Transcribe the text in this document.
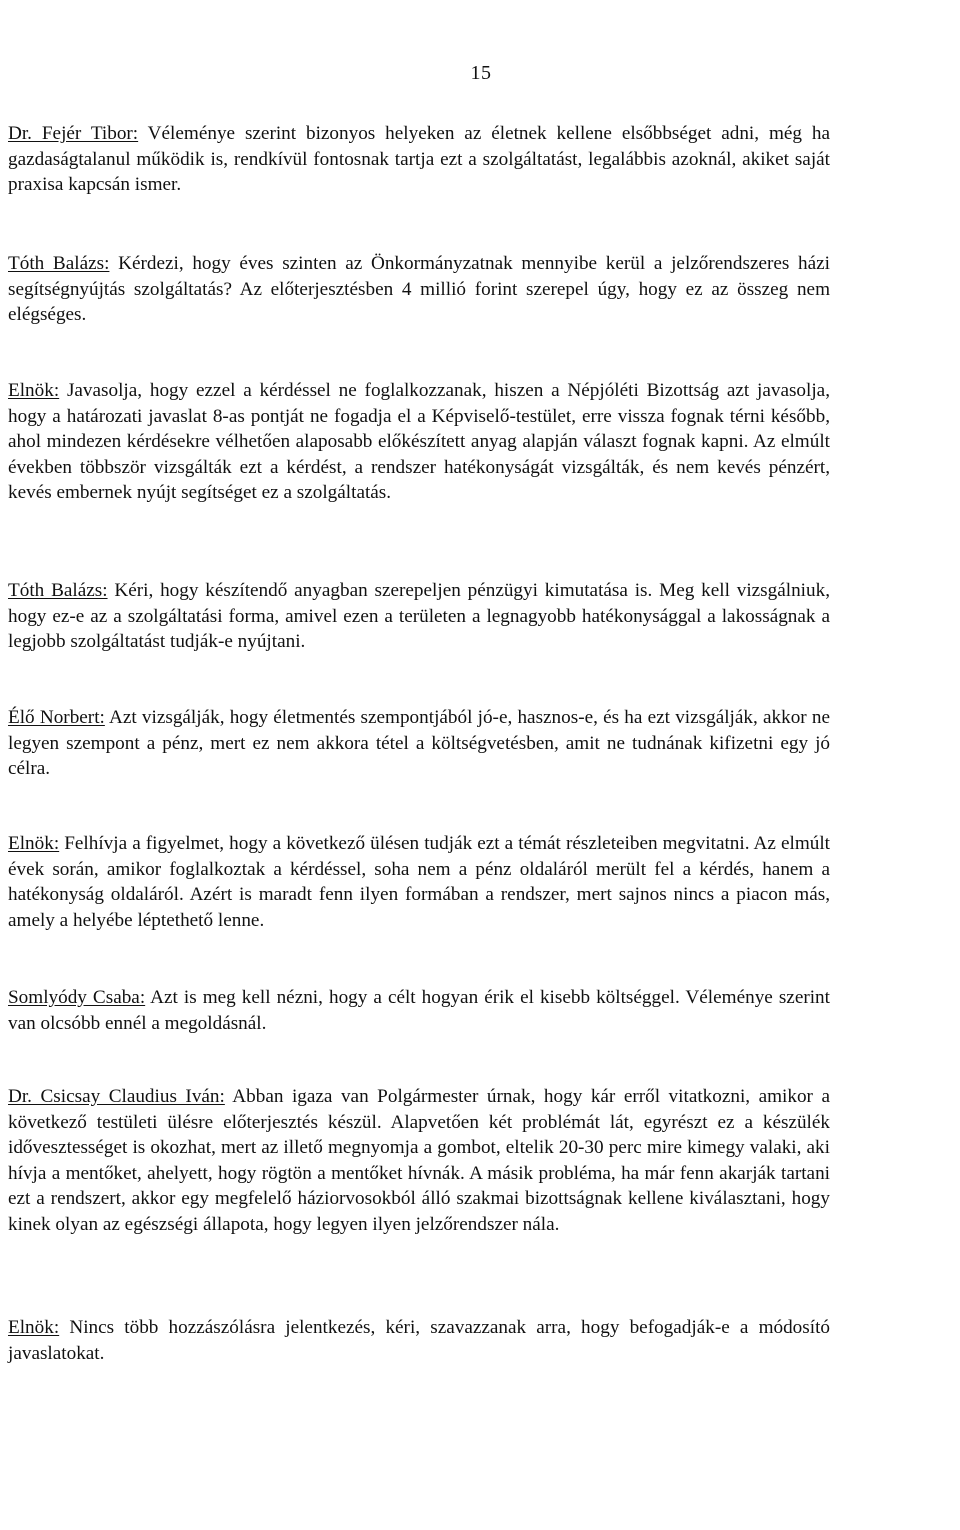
15

Dr. Fejér Tibor: Véleménye szerint bizonyos helyeken az életnek kellene elsőbbséget adni, még ha gazdaságtalanul működik is, rendkívül fontosnak tartja ezt a szolgáltatást, legalábbis azoknál, akiket saját praxisa kapcsán ismer.

Tóth Balázs: Kérdezi, hogy éves szinten az Önkormányzatnak mennyibe kerül a jelzőrendszeres házi segítségnyújtás szolgáltatás? Az előterjesztésben 4 millió forint szerepel úgy, hogy ez az összeg nem elégséges.

Elnök: Javasolja, hogy ezzel a kérdéssel ne foglalkozzanak, hiszen a Népjóléti Bizottság azt javasolja, hogy a határozati javaslat 8-as pontját ne fogadja el a Képviselő-testület, erre vissza fognak térni később, ahol mindezen kérdésekre vélhetően alaposabb előkészített anyag alapján választ fognak kapni. Az elmúlt években többször vizsgálták ezt a kérdést, a rendszer hatékonyságát vizsgálták, és nem kevés pénzért, kevés embernek nyújt segítséget ez a szolgáltatás.

Tóth Balázs: Kéri, hogy készítendő anyagban szerepeljen pénzügyi kimutatása is. Meg kell vizsgálniuk, hogy ez-e az a szolgáltatási forma, amivel ezen a területen a legnagyobb hatékonysággal a lakosságnak a legjobb szolgáltatást tudják-e nyújtani.

Élő Norbert: Azt vizsgálják, hogy életmentés szempontjából jó-e, hasznos-e, és ha ezt vizsgálják, akkor ne legyen szempont a pénz, mert ez nem akkora tétel a költségvetésben, amit ne tudnának kifizetni egy jó célra.

Elnök: Felhívja a figyelmet, hogy a következő ülésen tudják ezt a témát részleteiben megvitatni. Az elmúlt évek során, amikor foglalkoztak a kérdéssel, soha nem a pénz oldaláról merült fel a kérdés, hanem a hatékonyság oldaláról. Azért is maradt fenn ilyen formában a rendszer, mert sajnos nincs a piacon más, amely a helyébe léptethető lenne.

Somlyódy Csaba: Azt is meg kell nézni, hogy a célt hogyan érik el kisebb költséggel. Véleménye szerint van olcsóbb ennél a megoldásnál.

Dr. Csicsay Claudius Iván: Abban igaza van Polgármester úrnak, hogy kár erről vitatkozni, amikor a következő testületi ülésre előterjesztés készül. Alapvetően két problémát lát, egyrészt ez a készülék idővesztességet is okozhat, mert az illető megnyomja a gombot, eltelik 20-30 perc mire kimegy valaki, aki hívja a mentőket, ahelyett, hogy rögtön a mentőket hívnák. A másik probléma, ha már fenn akarják tartani ezt a rendszert, akkor egy megfelelő háziorvosokból álló szakmai bizottságnak kellene kiválasztani, hogy kinek olyan az egészségi állapota, hogy legyen ilyen jelzőrendszer nála.

Elnök: Nincs több hozzászólásra jelentkezés, kéri, szavazzanak arra, hogy befogadják-e a módosító javaslatokat.
